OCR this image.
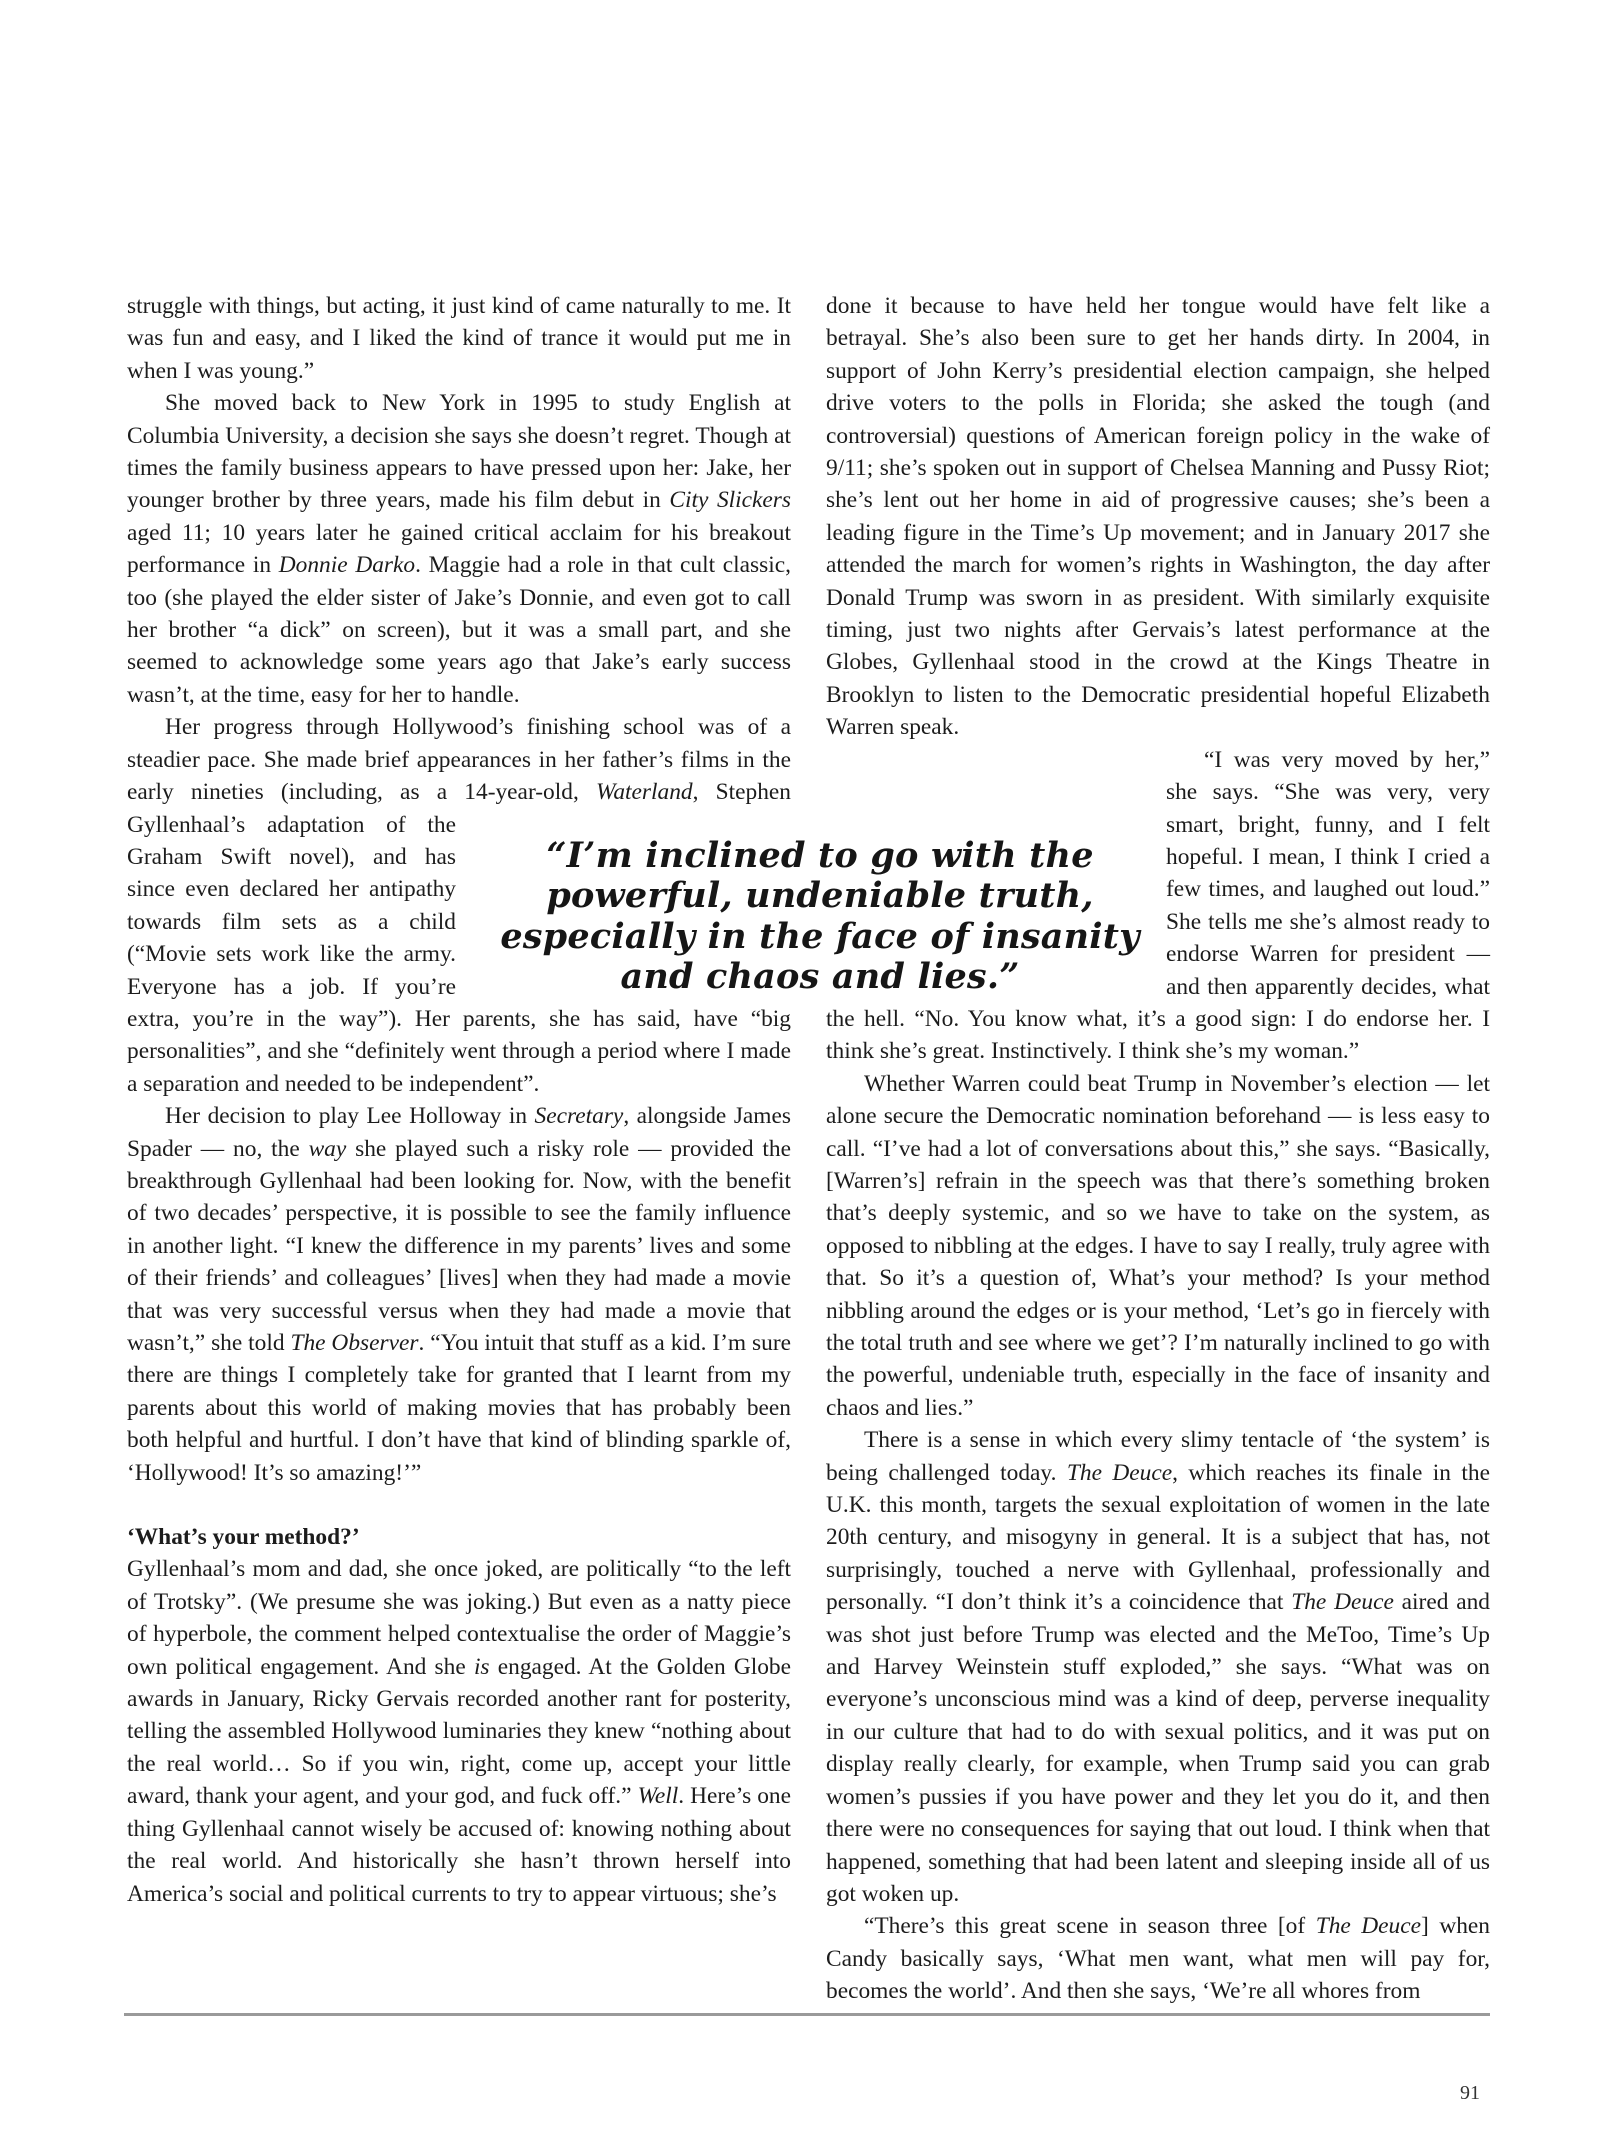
struggle with things, but acting, it just kind of came naturally to me. It was fun and easy, and I liked the kind of trance it would put me in when I was young.”

She moved back to New York in 1995 to study English at Columbia University, a decision she says she doesn’t regret. Though at times the family business appears to have pressed upon her: Jake, her younger brother by three years, made his film debut in City Slickers aged 11; 10 years later he gained critical acclaim for his breakout performance in Donnie Darko. Maggie had a role in that cult classic, too (she played the elder sister of Jake’s Donnie, and even got to call her brother “a dick” on screen), but it was a small part, and she seemed to acknowledge some years ago that Jake’s early success wasn’t, at the time, easy for her to handle.

Her progress through Hollywood’s finishing school was of a steadier pace. She made brief appearances in her father’s films in the early nineties (including, as a 14-year-old, Waterland
, Stephen Gyllenhaal’s adaptation of the Graham Swift novel), and has since even declared her antipathy towards film sets as a child (“Movie sets work like the army. Everyone has a job. If you’re extra, you’re in the way”). Her parents, she has said, have “big personalities”, and she “definitely went through a period where I made a separation and needed to be independent”.

Her decision to play Lee Holloway in Secretary, alongside James Spader — no, the way she played such a risky role — provided the breakthrough Gyllenhaal had been looking for. Now, with the benefit of two decades’ perspective, it is possible to see the family influence in another light. “I knew the difference in my parents’ lives and some of their friends’ and colleagues’ [lives] when they had made a movie that was very successful versus when they had made a movie that wasn’t,” she told The Observer. “You intuit that stuff as a kid. I’m sure there are things I completely take for granted that I learnt from my parents about this world of making movies that has probably been both helpful and hurtful. I don’t have that kind of blinding sparkle of, ‘Hollywood! It’s so amazing!’”

‘What’s your method?’

Gyllenhaal’s mom and dad, she once joked, are politically “to the left of Trotsky”. (We presume she was joking.) But even as a natty piece of hyperbole, the comment helped contextualise the order of Maggie’s own political engagement. And she is engaged. At the Golden Globe awards in January, Ricky Gervais recorded another rant for posterity, telling the assembled Hollywood luminaries they knew “nothing about the real world… So if you win, right, come up, accept your little award, thank your agent, and your god, and fuck off.” Well. Here’s one thing Gyllenhaal cannot wisely be accused of: knowing nothing about the real world. And historically she hasn’t thrown herself into America’s social and political currents to try to appear virtuous; she’s

done it because to have held her tongue would have felt like a betrayal. She’s also been sure to get her hands dirty. In 2004, in support of John Kerry’s presidential election campaign, she helped drive voters to the polls in Florida; she asked the tough (and controversial) questions of American foreign policy in the wake of 9/11; she’s spoken out in support of Chelsea Manning and Pussy Riot; she’s lent out her home in aid of progressive causes; she’s been a leading figure in the Time’s Up movement; and in January 2017 she attended the march for women’s rights in Washington, the day after Donald Trump was sworn in as president. With similarly exquisite timing, just two nights after Gervais’s latest performance at the Globes, Gyllenhaal stood in the crowd at the Kings Theatre in Brooklyn to listen to the Democratic presidential hopeful Elizabeth Warren speak.

“I was very moved by her,” she says. “She was very, very smart, bright, funny, and I felt hopeful. I mean, I think I cried a few times, and laughed out loud.” She tells me she’s almost ready to endorse Warren for president — and then apparently decides, what the hell. “No. You know what, it’s a good sign: I do endorse her. I think she’s great. Instinctively. I think she’s my woman.”

Whether Warren could beat Trump in November’s election — let alone secure the Democratic nomination beforehand — is less easy to call. “I’ve had a lot of conversations about this,” she says. “Basically, [Warren’s] refrain in the speech was that there’s something broken that’s deeply systemic, and so we have to take on the system, as opposed to nibbling at the edges. I have to say I really, truly agree with that. So it’s a question of, What’s your method? Is your method nibbling around the edges or is your method, ‘Let’s go in fiercely with the total truth and see where we get’? I’m naturally inclined to go with the powerful, undeniable truth, especially in the face of insanity and chaos and lies.”

There is a sense in which every slimy tentacle of ‘the system’ is being challenged today. The Deuce, which reaches its finale in the U.K. this month, targets the sexual exploitation of women in the late 20th century, and misogyny in general. It is a subject that has, not surprisingly, touched a nerve with Gyllenhaal, professionally and personally. “I don’t think it’s a coincidence that The Deuce aired and was shot just before Trump was elected and the MeToo, Time’s Up and Harvey Weinstein stuff exploded,” she says. “What was on everyone’s unconscious mind was a kind of deep, perverse inequality in our culture that had to do with sexual politics, and it was put on display really clearly, for example, when Trump said you can grab women’s pussies if you have power and they let you do it, and then there were no consequences for saying that out loud. I think when that happened, something that had been latent and sleeping inside all of us got woken up.

“There’s this great scene in season three [of The Deuce] when Candy basically says, ‘What men want, what men will pay for, becomes the world’. And then she says, ‘We’re all whores from

“I’m inclined to go with the powerful, undeniable truth, especially in the face of insanity and chaos and lies.”
91
